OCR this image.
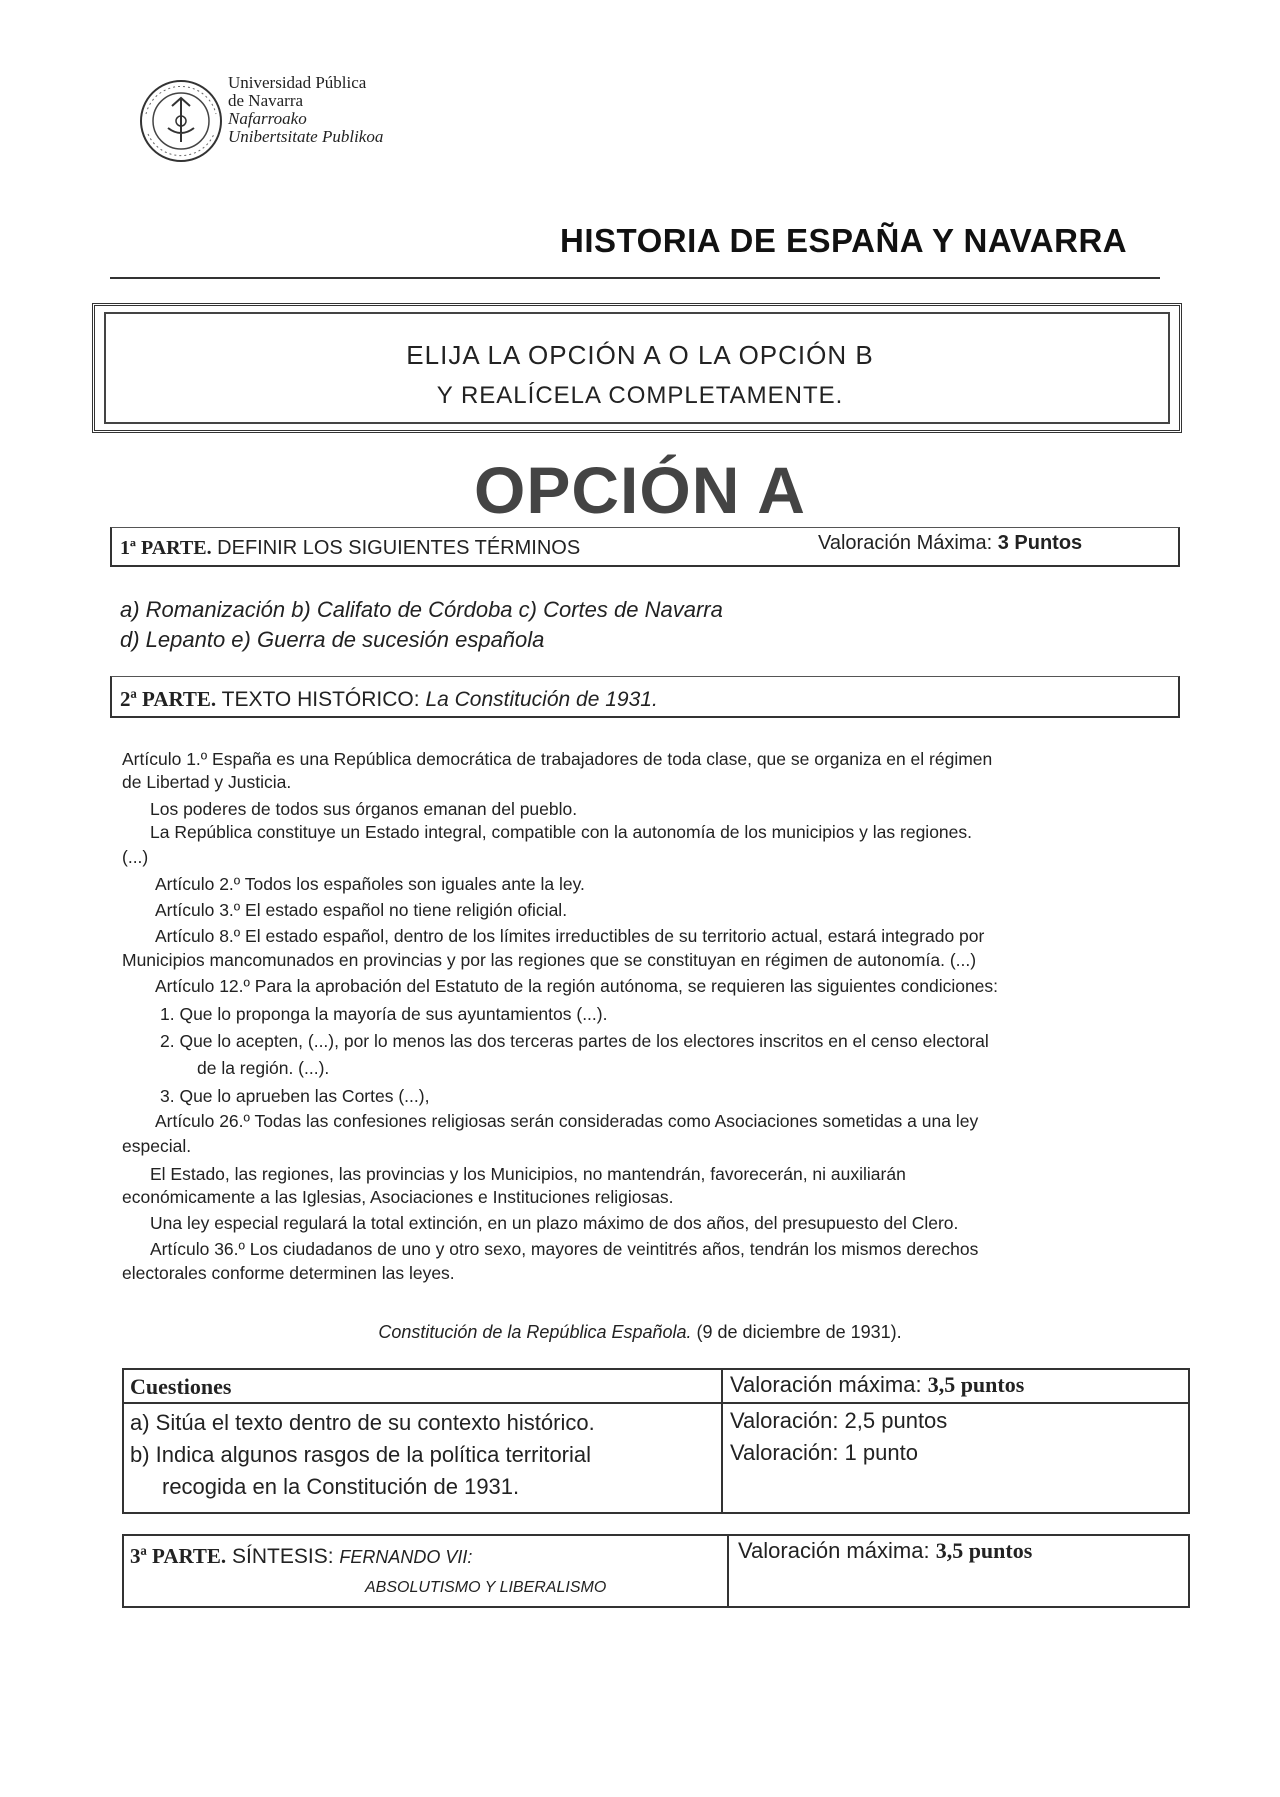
Universidad Pública
de Navarra
Nafarroako
Unibertsitate Publikoa
HISTORIA DE ESPAÑA Y NAVARRA
ELIJA LA OPCIÓN A O LA OPCIÓN B
Y REALÍCELA COMPLETAMENTE.
OPCIÓN A
1ª PARTE. DEFINIR LOS SIGUIENTES TÉRMINOS	Valoración Máxima: 3 Puntos
a) Romanización b) Califato de Córdoba c) Cortes de Navarra
d) Lepanto e) Guerra de sucesión española
2ª PARTE. TEXTO HISTÓRICO: La Constitución de 1931.
Artículo 1.º España es una República democrática de trabajadores de toda clase, que se organiza en el régimen
de Libertad y Justicia.
Los poderes de todos sus órganos emanan del pueblo.
La República constituye un Estado integral, compatible con la autonomía de los municipios y las regiones.
(...)
Artículo 2.º Todos los españoles son iguales ante la ley.
Artículo 3.º El estado español no tiene religión oficial.
Artículo 8.º El estado español, dentro de los límites irreductibles de su territorio actual, estará integrado por
Municipios mancomunados en provincias y por las regiones que se constituyan en régimen de autonomía. (...)
Artículo 12.º Para la aprobación del Estatuto de la región autónoma, se requieren las siguientes condiciones:
1. Que lo proponga la mayoría de sus ayuntamientos (...).
2. Que lo acepten, (...), por lo menos las dos terceras partes de los electores inscritos en el censo electoral
de la región. (...).
3. Que lo aprueben las Cortes (...),
Artículo 26.º Todas las confesiones religiosas serán consideradas como Asociaciones sometidas a una ley
especial.
El Estado, las regiones, las provincias y los Municipios, no mantendrán, favorecerán, ni auxiliarán
económicamente a las Iglesias, Asociaciones e Instituciones religiosas.
Una ley especial regulará la total extinción, en un plazo máximo de dos años, del presupuesto del Clero.
Artículo 36.º Los ciudadanos de uno y otro sexo, mayores de veintitrés años, tendrán los mismos derechos
electorales conforme determinen las leyes.
Constitución de la República Española. (9 de diciembre de 1931).
Cuestiones	Valoración máxima: 3,5 puntos
a) Sitúa el texto dentro de su contexto histórico.
b) Indica algunos rasgos de la política territorial
recogida en la Constitución de 1931.
Valoración: 2,5 puntos
Valoración: 1 punto
3ª PARTE. SÍNTESIS: FERNANDO VII:
ABSOLUTISMO Y LIBERALISMO
Valoración máxima: 3,5 puntos
